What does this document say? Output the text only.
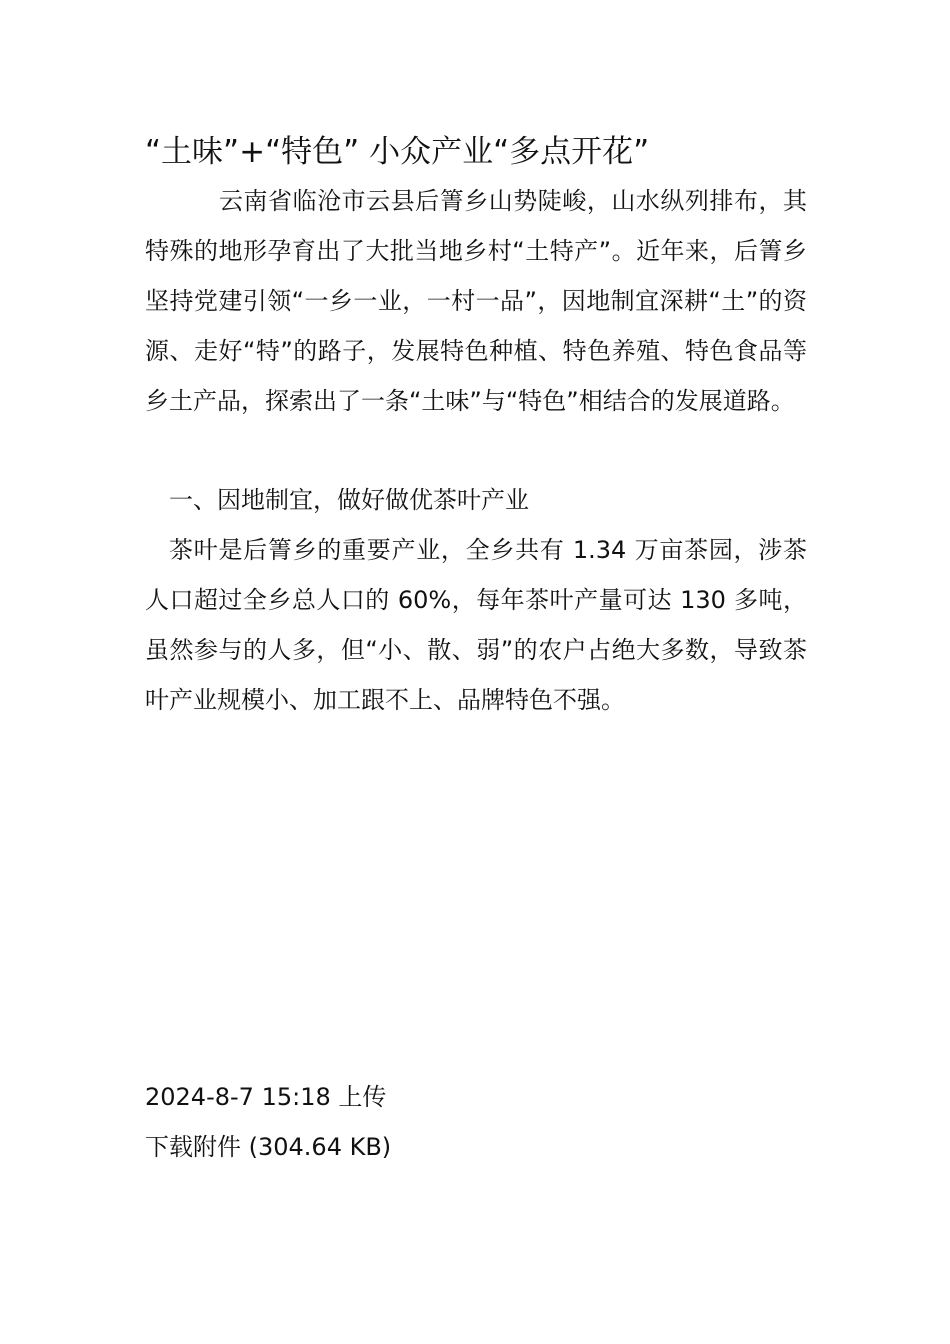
“土味”+“特色” 小众产业“多点开花”

云南省临沧市云县后箐乡山势陡峻，山水纵列排布，其特殊的地形孕育出了大批当地乡村“土特产”。近年来，后箐乡坚持党建引领“一乡一业，一村一品”，因地制宜深耕“土”的资源、走好“特”的路子，发展特色种植、特色养殖、特色食品等乡土产品，探索出了一条“土味”与“特色”相结合的发展道路。

一、因地制宜，做好做优茶叶产业

茶叶是后箐乡的重要产业，全乡共有 1.34 万亩茶园，涉茶人口超过全乡总人口的 60%，每年茶叶产量可达 130 多吨，虽然参与的人多，但“小、散、弱”的农户占绝大多数，导致茶叶产业规模小、加工跟不上、品牌特色不强。

2024-8-7 15:18 上传

下载附件 (304.64 KB)
